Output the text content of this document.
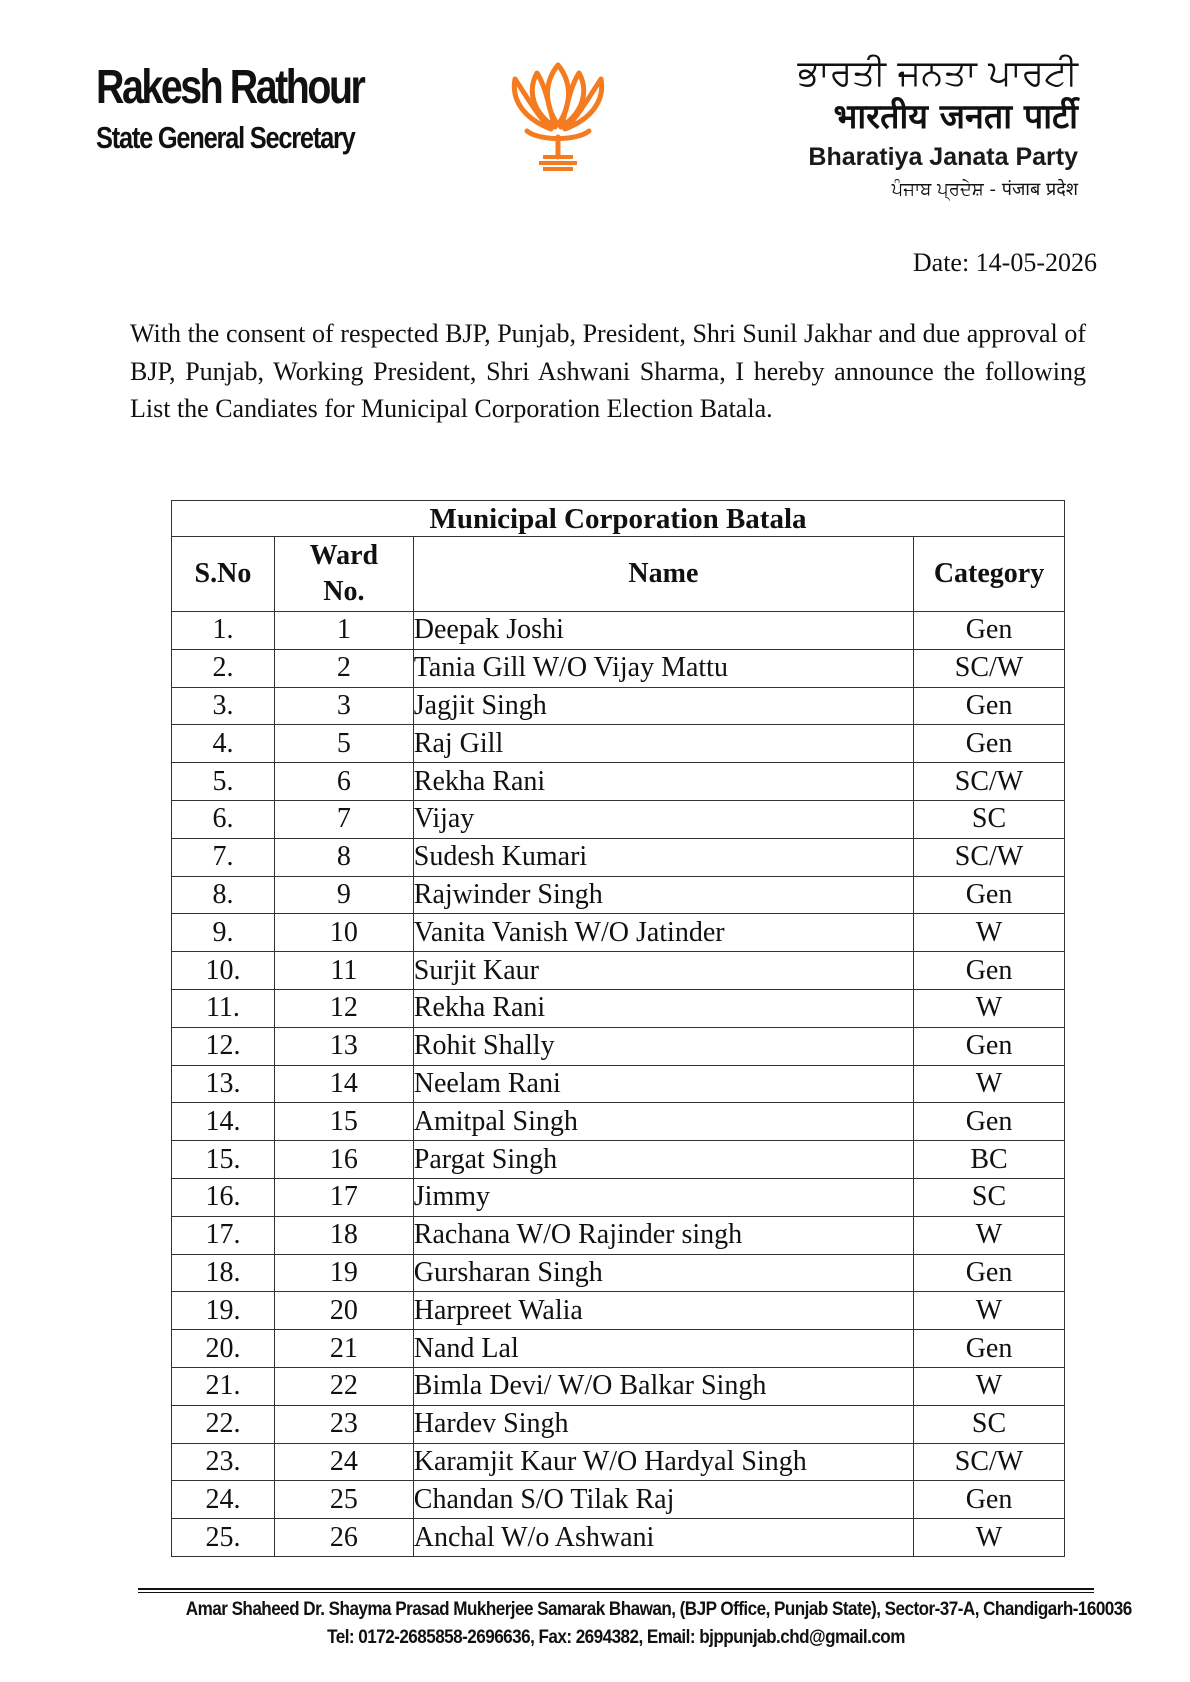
Rakesh Rathour
State General Secretary
ਭਾਰਤੀ ਜਨਤਾ ਪਾਰਟੀ
भारतीय जनता पार्टी
Bharatiya Janata Party
ਪੰਜਾਬ ਪ੍ਰਦੇਸ਼ - पंजाब प्रदेश
Date: 14-05-2026

With the consent of respected BJP, Punjab, President, Shri Sunil Jakhar and due approval of BJP, Punjab, Working President, Shri Ashwani Sharma, I hereby announce the following List the Candiates for Municipal Corporation Election Batala.

Municipal Corporation Batala			
S.No	Ward No.	Name	Category
1.	1	Deepak Joshi	Gen
2.	2	Tania Gill W/O Vijay Mattu	SC/W
3.	3	Jagjit Singh	Gen
4.	5	Raj Gill	Gen
5.	6	Rekha Rani	SC/W
6.	7	Vijay	SC
7.	8	Sudesh Kumari	SC/W
8.	9	Rajwinder Singh	Gen
9.	10	Vanita Vanish W/O Jatinder	W
10.	11	Surjit Kaur	Gen
11.	12	Rekha Rani	W
12.	13	Rohit Shally	Gen
13.	14	Neelam Rani	W
14.	15	Amitpal Singh	Gen
15.	16	Pargat Singh	BC
16.	17	Jimmy	SC
17.	18	Rachana W/O Rajinder singh	W
18.	19	Gursharan Singh	Gen
19.	20	Harpreet Walia	W
20.	21	Nand Lal	Gen
21.	22	Bimla Devi/ W/O Balkar Singh	W
22.	23	Hardev Singh	SC
23.	24	Karamjit Kaur W/O Hardyal Singh	SC/W
24.	25	Chandan S/O Tilak Raj	Gen
25.	26	Anchal W/o Ashwani	W
Amar Shaheed Dr. Shayma Prasad Mukherjee Samarak Bhawan, (BJP Office, Punjab State), Sector-37-A, Chandigarh-160036
Tel: 0172-2685858-2696636, Fax: 2694382, Email: bjppunjab.chd@gmail.com
